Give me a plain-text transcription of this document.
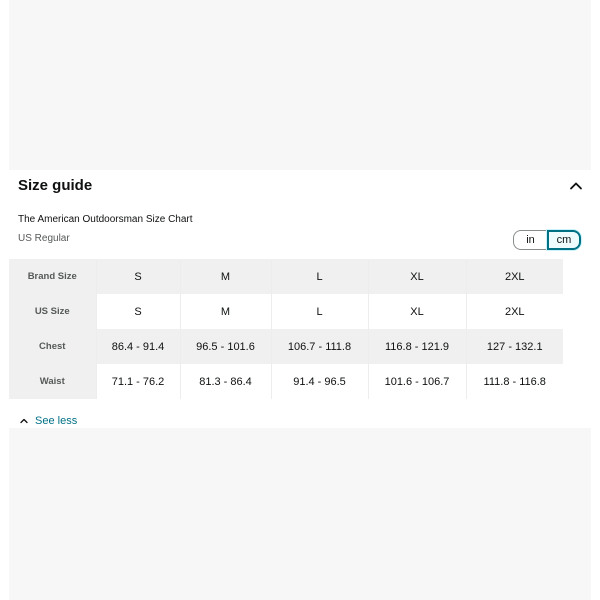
Size guide
The American Outdoorsman Size Chart
US Regular	in	cm
Brand Size	S	M	L	XL	2XL
US Size	S	M	L	XL	2XL
Chest	86.4 - 91.4	96.5 - 101.6	106.7 - 111.8	116.8 - 121.9	127 - 132.1
Waist	71.1 - 76.2	81.3 - 86.4	91.4 - 96.5	101.6 - 106.7	111.8 - 116.8
See less
